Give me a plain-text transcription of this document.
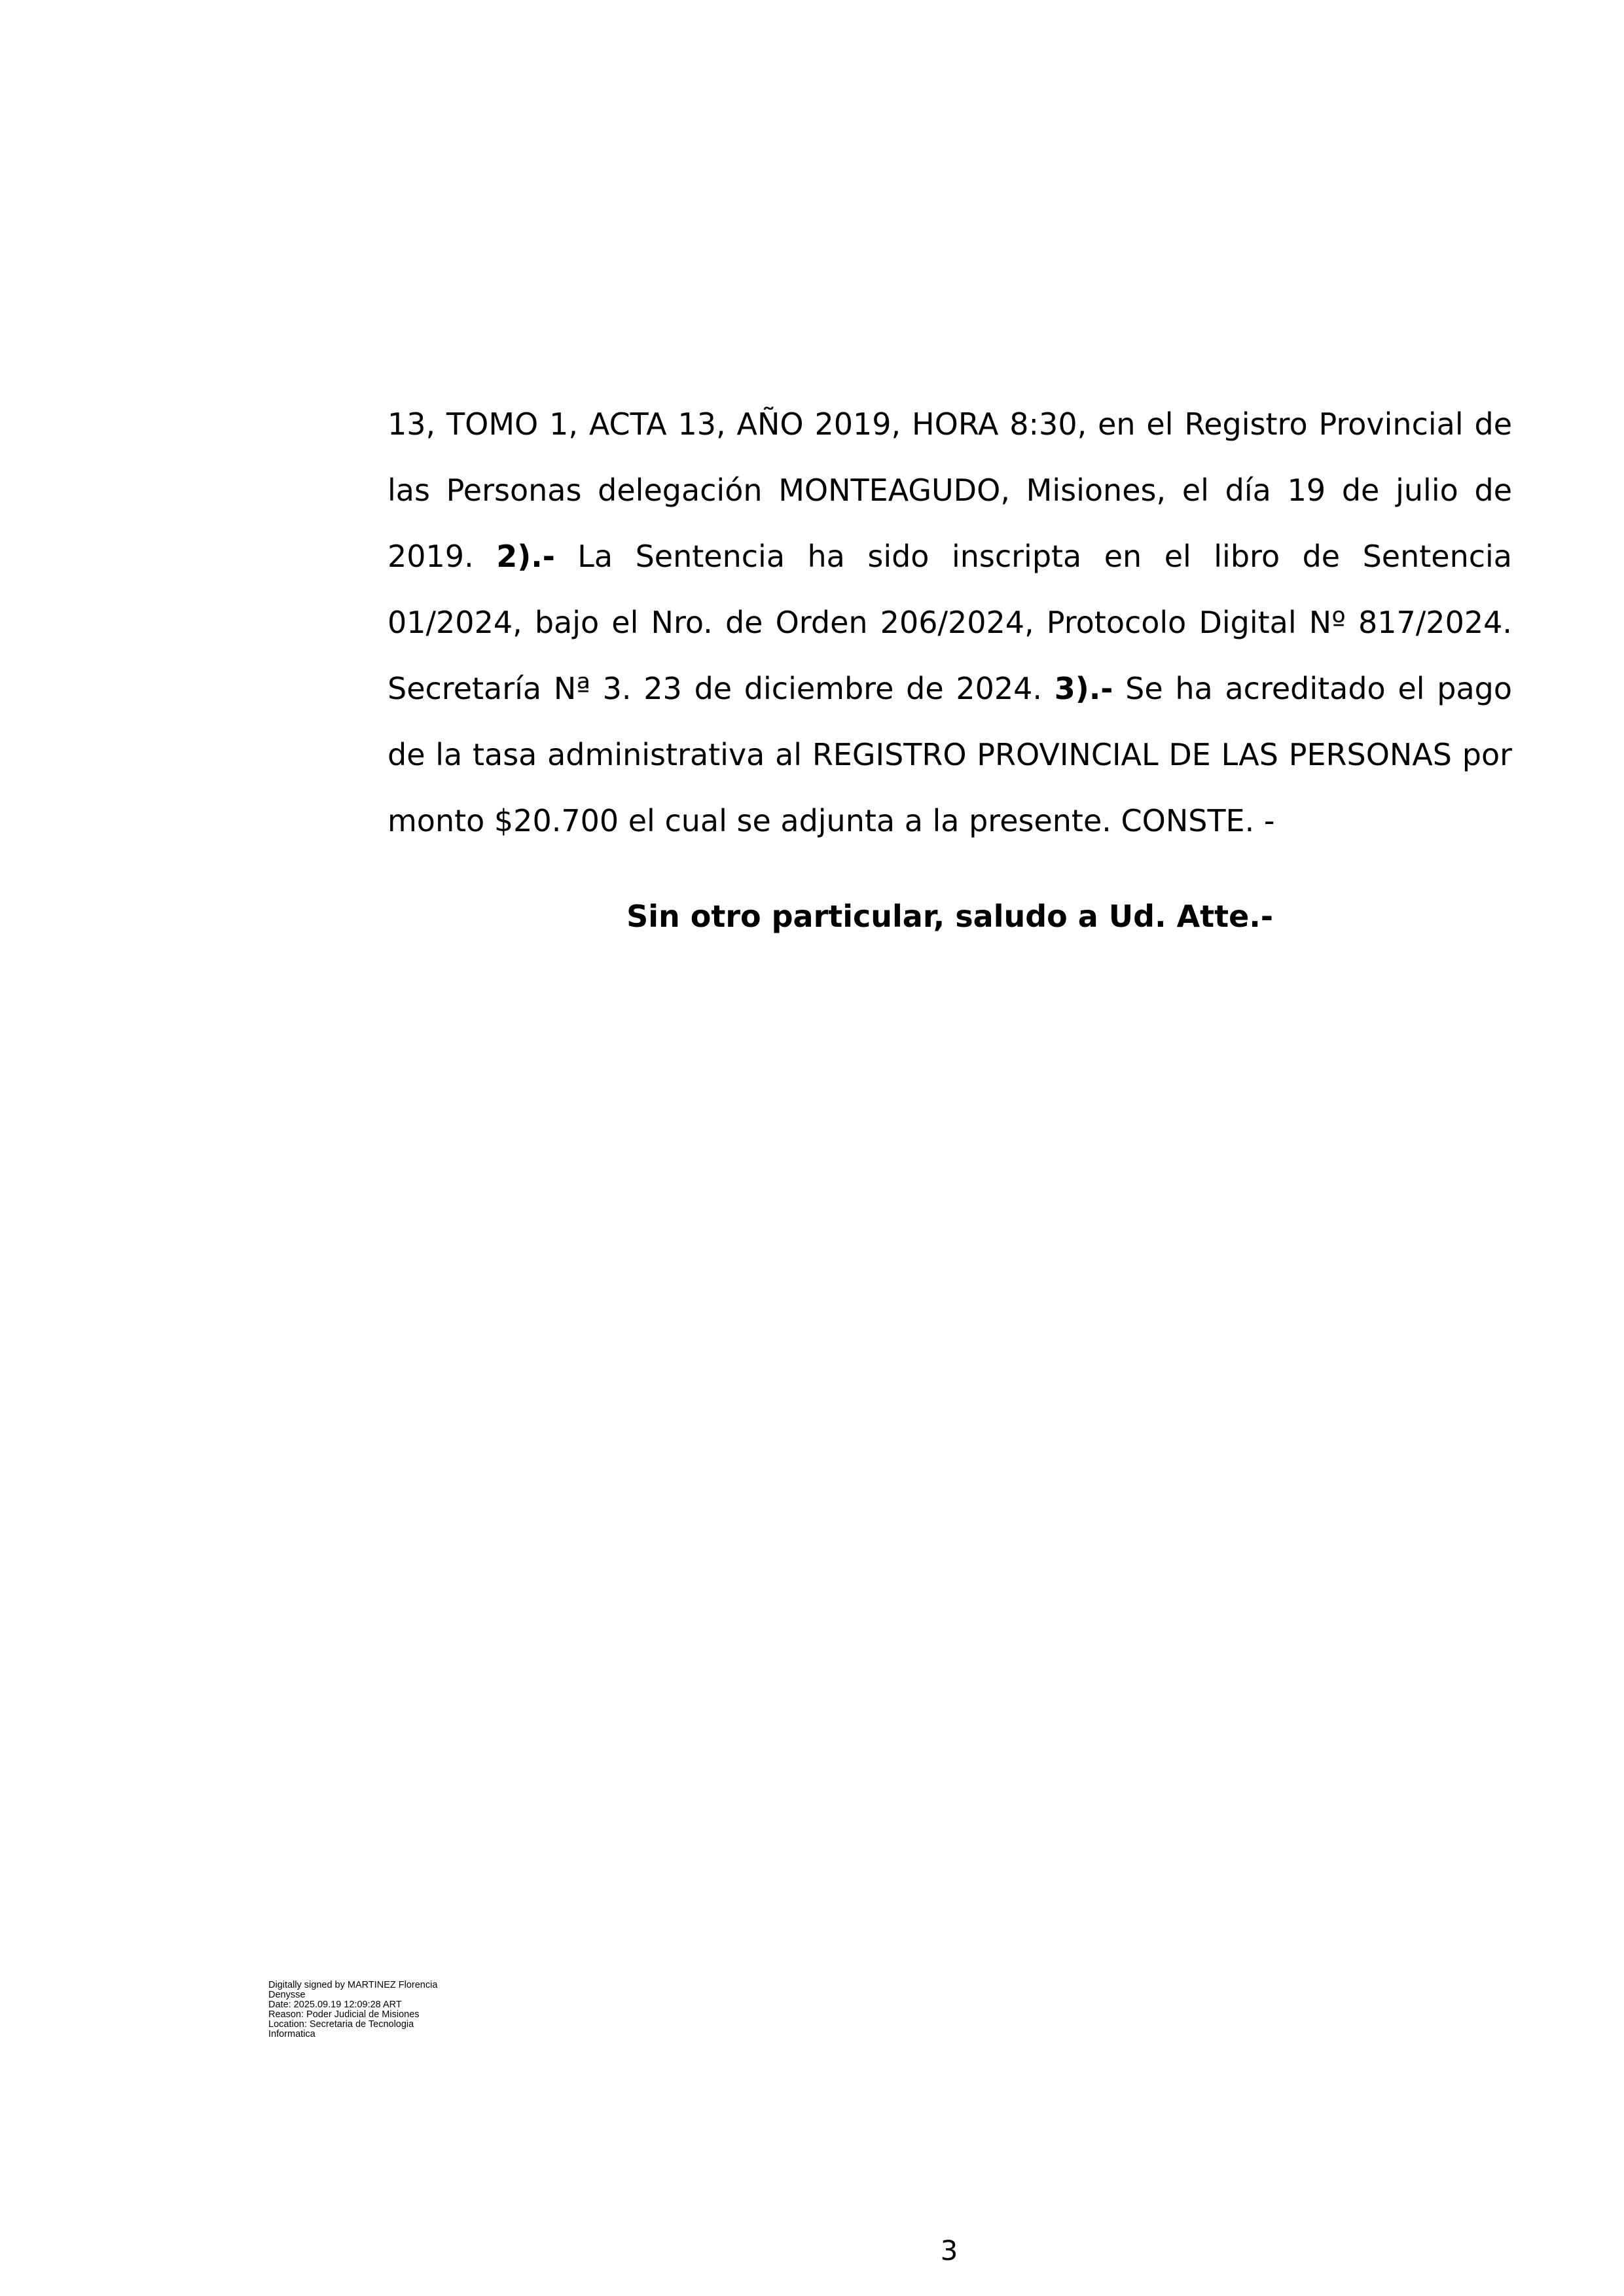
13, TOMO 1, ACTA 13, AÑO 2019, HORA 8:30, en el Registro Provincial de las Personas delegación MONTEAGUDO, Misiones, el día 19 de julio de 2019. 2).- La Sentencia ha sido inscripta en el libro de Sentencia 01/2024, bajo el Nro. de Orden 206/2024, Protocolo Digital Nº 817/2024. Secretaría Nª 3. 23 de diciembre de 2024. 3).- Se ha acreditado el pago de la tasa administrativa al REGISTRO PROVINCIAL DE LAS PERSONAS por monto $20.700 el cual se adjunta a la presente. CONSTE. -

Sin otro particular, saludo a Ud. Atte.-

Digitally signed by MARTINEZ Florencia
Denysse
Date: 2025.09.19 12:09:28 ART
Reason: Poder Judicial de Misiones
Location: Secretaria de Tecnologia
Informatica
3
